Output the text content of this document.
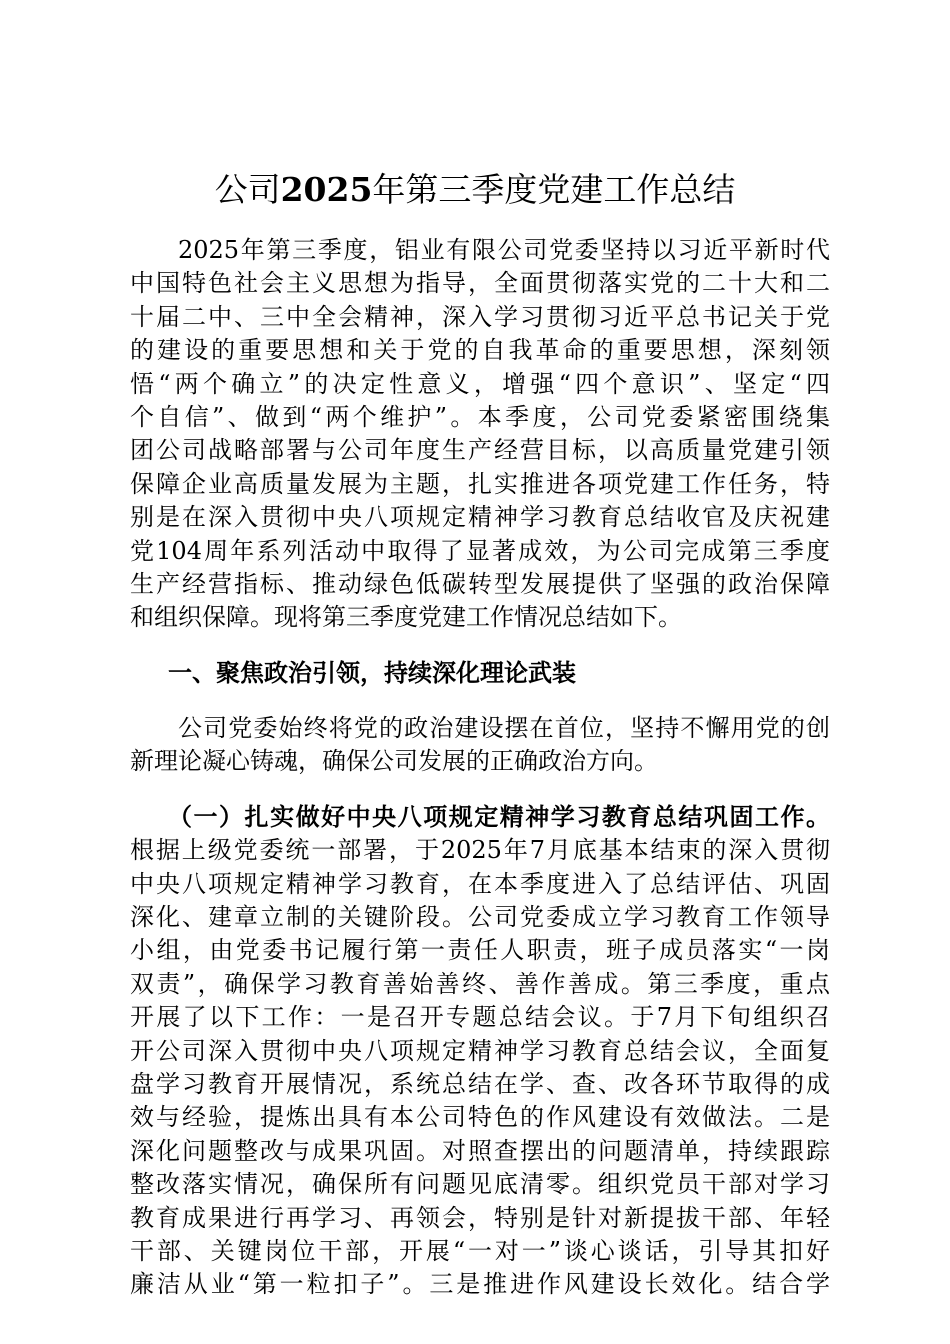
公司2025年第三季度党建工作总结
2025年第三季度，铝业有限公司党委坚持以习近平新时代
中国特色社会主义思想为指导，全面贯彻落实党的二十大和二
十届二中、三中全会精神，深入学习贯彻习近平总书记关于党
的建设的重要思想和关于党的自我革命的重要思想，深刻领
悟“两个确立”的决定性意义，增强“四个意识”、坚定“四
个自信”、做到“两个维护”。本季度，公司党委紧密围绕集
团公司战略部署与公司年度生产经营目标，以高质量党建引领
保障企业高质量发展为主题，扎实推进各项党建工作任务，特
别是在深入贯彻中央八项规定精神学习教育总结收官及庆祝建
党104周年系列活动中取得了显著成效，为公司完成第三季度
生产经营指标、推动绿色低碳转型发展提供了坚强的政治保障
和组织保障。现将第三季度党建工作情况总结如下。
一、聚焦政治引领，持续深化理论武装
公司党委始终将党的政治建设摆在首位，坚持不懈用党的创
新理论凝心铸魂，确保公司发展的正确政治方向。
（一）扎实做好中央八项规定精神学习教育总结巩固工作。
根据上级党委统一部署，于2025年7月底基本结束的深入贯彻
中央八项规定精神学习教育，在本季度进入了总结评估、巩固
深化、建章立制的关键阶段。公司党委成立学习教育工作领导
小组，由党委书记履行第一责任人职责，班子成员落实“一岗
双责”，确保学习教育善始善终、善作善成。第三季度，重点
开展了以下工作：一是召开专题总结会议。于7月下旬组织召
开公司深入贯彻中央八项规定精神学习教育总结会议，全面复
盘学习教育开展情况，系统总结在学、查、改各环节取得的成
效与经验，提炼出具有本公司特色的作风建设有效做法。二是
深化问题整改与成果巩固。对照查摆出的问题清单，持续跟踪
整改落实情况，确保所有问题见底清零。组织党员干部对学习
教育成果进行再学习、再领会，特别是针对新提拔干部、年轻
干部、关键岗位干部，开展“一对一”谈心谈话，引导其扣好
廉洁从业“第一粒扣子”。三是推进作风建设长效化。结合学
